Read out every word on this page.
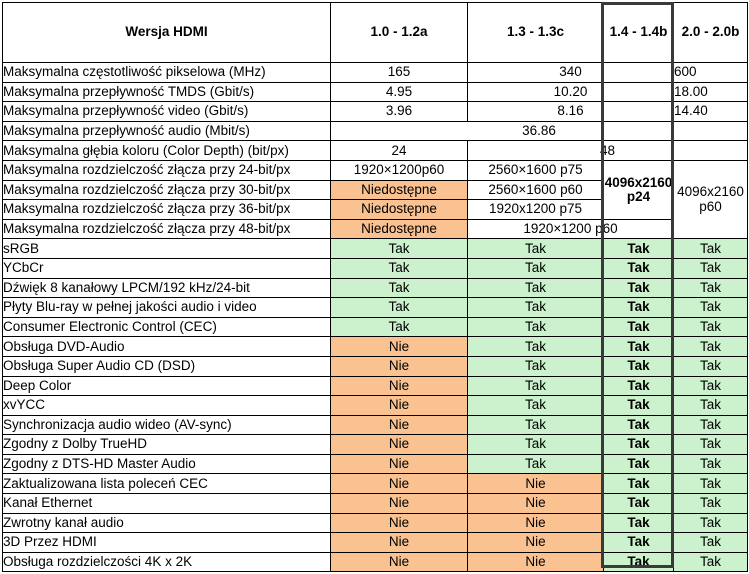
Wersja HDMI	1.0 - 1.2a	1.3 - 1.3c	1.4 - 1.4b	2.0 - 2.0b
Maksymalna częstotliwość pikselowa (MHz)	165	340		600
Maksymalna przepływność TMDS (Gbit/s)	4.95	10.20		18.00
Maksymalna przepływność video (Gbit/s)	3.96	8.16		14.40
Maksymalna przepływność audio (Mbit/s)	36.86			
Maksymalna głębia koloru (Color Depth) (bit/px)	24	48		
Maksymalna rozdzielczość złącza przy 24-bit/px	1920×1200p60	2560×1600 p75	4096x2160 p24	4096x2160 p60
Maksymalna rozdzielczość złącza przy 30-bit/px	Niedostępne	2560×1600 p60		
Maksymalna rozdzielczość złącza przy 36-bit/px	Niedostępne	1920x1200 p75		
Maksymalna rozdzielczość złącza przy 48-bit/px	Niedostępne	1920×1200 p60		
sRGB	Tak	Tak	Tak	Tak
YCbCr	Tak	Tak	Tak	Tak
Dźwięk 8 kanałowy LPCM/192 kHz/24-bit	Tak	Tak	Tak	Tak
Płyty Blu-ray w pełnej jakości audio i video	Tak	Tak	Tak	Tak
Consumer Electronic Control (CEC)	Tak	Tak	Tak	Tak
Obsługa DVD-Audio	Nie	Tak	Tak	Tak
Obsługa Super Audio CD (DSD)	Nie	Tak	Tak	Tak
Deep Color	Nie	Tak	Tak	Tak
xvYCC	Nie	Tak	Tak	Tak
Synchronizacja audio wideo (AV-sync)	Nie	Tak	Tak	Tak
Zgodny z Dolby TrueHD	Nie	Tak	Tak	Tak
Zgodny z DTS-HD Master Audio	Nie	Tak	Tak	Tak
Zaktualizowana lista poleceń CEC	Nie	Nie	Tak	Tak
Kanał Ethernet	Nie	Nie	Tak	Tak
Zwrotny kanał audio	Nie	Nie	Tak	Tak
3D Przez HDMI	Nie	Nie	Tak	Tak
Obsługa rozdzielczości 4K x 2K	Nie	Nie	Tak	Tak
